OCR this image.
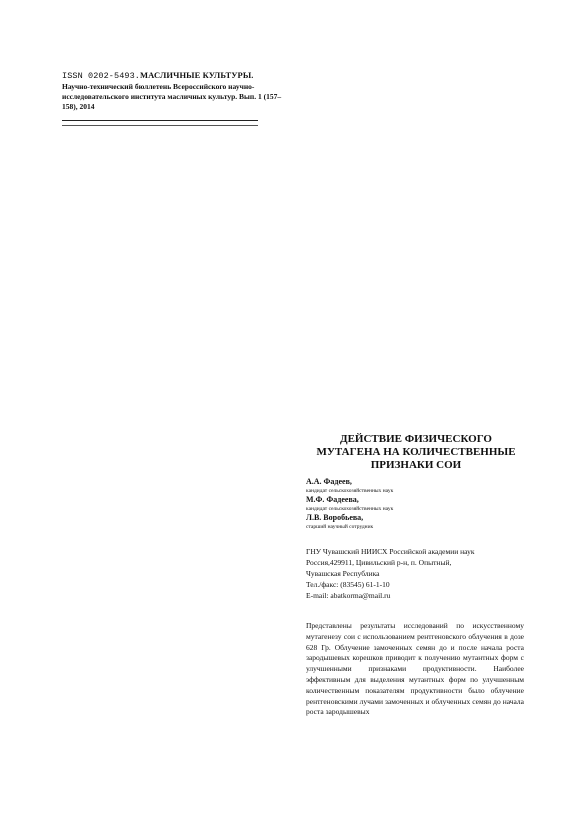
ISSN 0202-5493.МАСЛИЧНЫЕ КУЛЬТУРЫ.
Научно-технический бюллетень Всероссийского научно-исследовательского института масличных культур. Вып. 1 (157–158), 2014
ДЕЙСТВИЕ ФИЗИЧЕСКОГО
МУТАГЕНА НА КОЛИЧЕСТВЕННЫЕ
ПРИЗНАКИ СОИ
А.А. Фадеев,
кандидат сельскохозяйственных наук
М.Ф. Фадеева,
кандидат сельскохозяйственных наук
Л.В. Воробьева,
старший научный сотрудник
ГНУ Чувашский НИИСХ Российской академии наук
Россия,429911, Цивильский р-н, п. Опытный,
Чувашская Республика
Тел./факс: (83545) 61-1-10
E-mail: abatkorma@mail.ru

Представлены результаты исследований по искусственному мутагенезу сои с использованием рентгеновского облучения в дозе 628 Гр. Облучение замоченных семян до и после начала роста зародышевых корешков приводит к получению мутантных форм с улучшенными признаками продуктивности. Наиболее эффективным для выделения мутантных форм по улучшенным количественным показателям продуктивности было облучение рентгеновскими лучами замоченных и облученных семян до начала роста зародышевых
